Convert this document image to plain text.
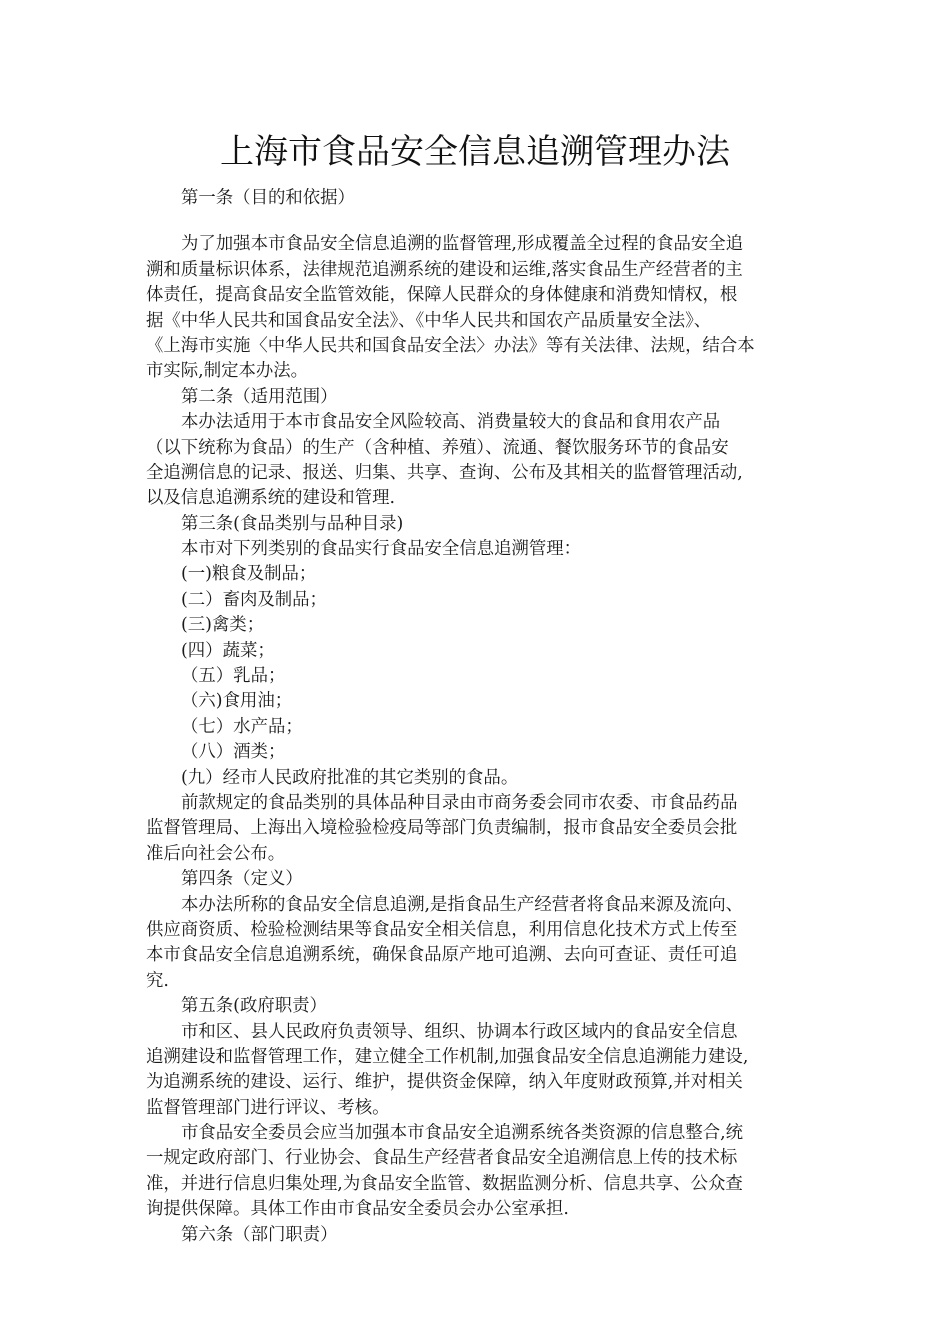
上海市食品安全信息追溯管理办法
第一条（目的和依据）
为了加强本市食品安全信息追溯的监督管理,形成覆盖全过程的食品安全追
溯和质量标识体系，法律规范追溯系统的建设和运维,落实食品生产经营者的主
体责任，提高食品安全监管效能，保障人民群众的身体健康和消费知情权，根
据《中华人民共和国食品安全法》、《中华人民共和国农产品质量安全法》、
《上海市实施〈中华人民共和国食品安全法〉办法》等有关法律、法规，结合本
市实际,制定本办法。
第二条（适用范围）
本办法适用于本市食品安全风险较高、消费量较大的食品和食用农产品
（以下统称为食品）的生产（含种植、养殖）、流通、餐饮服务环节的食品安
全追溯信息的记录、报送、归集、共享、查询、公布及其相关的监督管理活动,
以及信息追溯系统的建设和管理.
第三条(食品类别与品种目录)
本市对下列类别的食品实行食品安全信息追溯管理：
(一)粮食及制品；
(二）畜肉及制品；
(三)禽类；
(四）蔬菜；
（五）乳品；
（六)食用油；
（七）水产品；
（八）酒类；
(九）经市人民政府批准的其它类别的食品。
前款规定的食品类别的具体品种目录由市商务委会同市农委、市食品药品
监督管理局、上海出入境检验检疫局等部门负责编制，报市食品安全委员会批
准后向社会公布。
第四条（定义）
本办法所称的食品安全信息追溯,是指食品生产经营者将食品来源及流向、
供应商资质、检验检测结果等食品安全相关信息，利用信息化技术方式上传至
本市食品安全信息追溯系统，确保食品原产地可追溯、去向可查证、责任可追
究.
第五条(政府职责）
市和区、县人民政府负责领导、组织、协调本行政区域内的食品安全信息
追溯建设和监督管理工作，建立健全工作机制,加强食品安全信息追溯能力建设,
为追溯系统的建设、运行、维护，提供资金保障，纳入年度财政预算,并对相关
监督管理部门进行评议、考核。
市食品安全委员会应当加强本市食品安全追溯系统各类资源的信息整合,统
一规定政府部门、行业协会、食品生产经营者食品安全追溯信息上传的技术标
准，并进行信息归集处理,为食品安全监管、数据监测分析、信息共享、公众查
询提供保障。具体工作由市食品安全委员会办公室承担.
第六条（部门职责）
